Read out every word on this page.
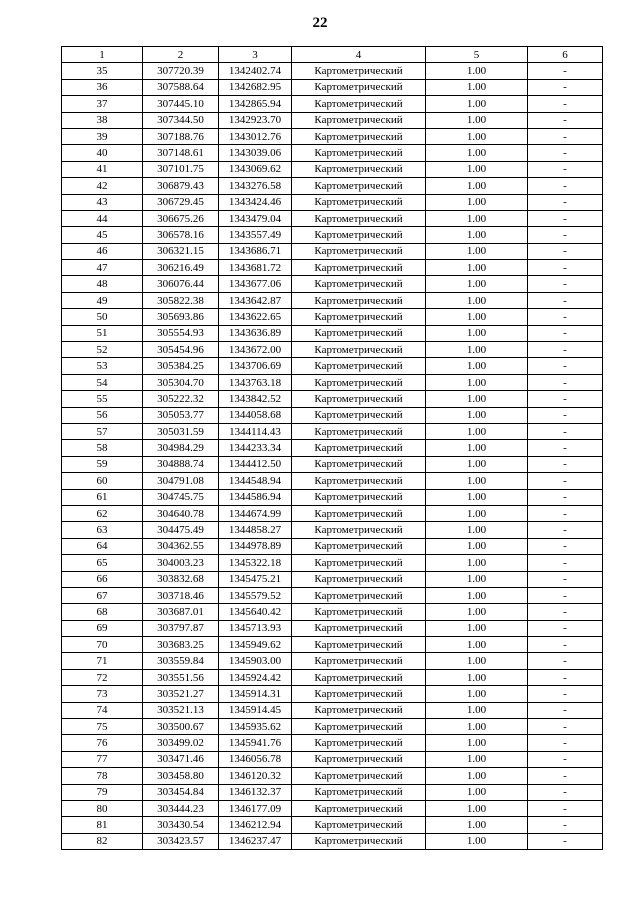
22
1	2	3	4	5	6
35	307720.39	1342402.74	Картометрический	1.00	-
36	307588.64	1342682.95	Картометрический	1.00	-
37	307445.10	1342865.94	Картометрический	1.00	-
38	307344.50	1342923.70	Картометрический	1.00	-
39	307188.76	1343012.76	Картометрический	1.00	-
40	307148.61	1343039.06	Картометрический	1.00	-
41	307101.75	1343069.62	Картометрический	1.00	-
42	306879.43	1343276.58	Картометрический	1.00	-
43	306729.45	1343424.46	Картометрический	1.00	-
44	306675.26	1343479.04	Картометрический	1.00	-
45	306578.16	1343557.49	Картометрический	1.00	-
46	306321.15	1343686.71	Картометрический	1.00	-
47	306216.49	1343681.72	Картометрический	1.00	-
48	306076.44	1343677.06	Картометрический	1.00	-
49	305822.38	1343642.87	Картометрический	1.00	-
50	305693.86	1343622.65	Картометрический	1.00	-
51	305554.93	1343636.89	Картометрический	1.00	-
52	305454.96	1343672.00	Картометрический	1.00	-
53	305384.25	1343706.69	Картометрический	1.00	-
54	305304.70	1343763.18	Картометрический	1.00	-
55	305222.32	1343842.52	Картометрический	1.00	-
56	305053.77	1344058.68	Картометрический	1.00	-
57	305031.59	1344114.43	Картометрический	1.00	-
58	304984.29	1344233.34	Картометрический	1.00	-
59	304888.74	1344412.50	Картометрический	1.00	-
60	304791.08	1344548.94	Картометрический	1.00	-
61	304745.75	1344586.94	Картометрический	1.00	-
62	304640.78	1344674.99	Картометрический	1.00	-
63	304475.49	1344858.27	Картометрический	1.00	-
64	304362.55	1344978.89	Картометрический	1.00	-
65	304003.23	1345322.18	Картометрический	1.00	-
66	303832.68	1345475.21	Картометрический	1.00	-
67	303718.46	1345579.52	Картометрический	1.00	-
68	303687.01	1345640.42	Картометрический	1.00	-
69	303797.87	1345713.93	Картометрический	1.00	-
70	303683.25	1345949.62	Картометрический	1.00	-
71	303559.84	1345903.00	Картометрический	1.00	-
72	303551.56	1345924.42	Картометрический	1.00	-
73	303521.27	1345914.31	Картометрический	1.00	-
74	303521.13	1345914.45	Картометрический	1.00	-
75	303500.67	1345935.62	Картометрический	1.00	-
76	303499.02	1345941.76	Картометрический	1.00	-
77	303471.46	1346056.78	Картометрический	1.00	-
78	303458.80	1346120.32	Картометрический	1.00	-
79	303454.84	1346132.37	Картометрический	1.00	-
80	303444.23	1346177.09	Картометрический	1.00	-
81	303430.54	1346212.94	Картометрический	1.00	-
82	303423.57	1346237.47	Картометрический	1.00	-
